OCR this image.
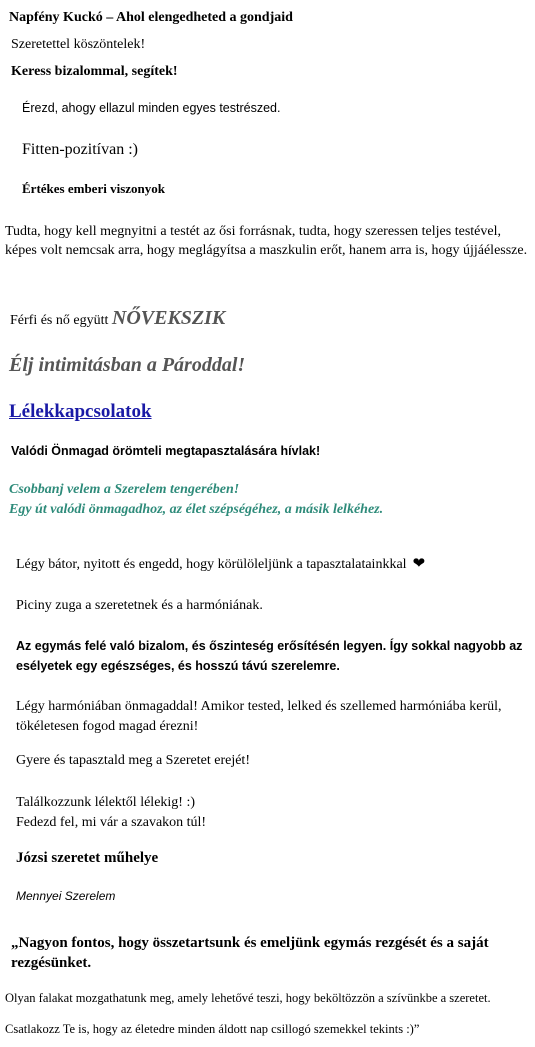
Napfény Kuckó – Ahol elengedheted a gondjaid
Szeretettel köszöntelek!
Keress bizalommal, segítek!
Érezd, ahogy ellazul minden egyes testrészed.
Fitten-pozitívan :)
Értékes emberi viszonyok
Tudta, hogy kell megnyitni a testét az ősi forrásnak, tudta, hogy szeressen teljes testével, képes volt nemcsak arra, hogy meglágyítsa a maszkulin erőt, hanem arra is, hogy újjáélessze.
Férfi és nő együtt NŐVEKSZIK
Élj intimitásban a Pároddal!
Lélekkapcsolatok
Valódi Önmagad örömteli megtapasztalására hívlak!
Csobbanj velem a Szerelem tengerében!
Egy út valódi önmagadhoz, az élet szépségéhez, a másik lelkéhez.
Légy bátor, nyitott és engedd, hogy körülöleljünk a tapasztalatainkkal ❤
Piciny zuga a szeretetnek és a harmóniának.
Az egymás felé való bizalom, és őszinteség erősítésén legyen. Így sokkal nagyobb az esélyetek egy egészséges, és hosszú távú szerelemre.
Légy harmóniában önmagaddal! Amikor tested, lelked és szellemed harmóniába kerül, tökéletesen fogod magad érezni!
Gyere és tapasztald meg a Szeretet erejét!
Találkozzunk lélektől lélekig! :)
Fedezd fel, mi vár a szavakon túl!
Józsi szeretet műhelye
Mennyei Szerelem
„Nagyon fontos, hogy összetartsunk és emeljünk egymás rezgését és a saját rezgésünket.
Olyan falakat mozgathatunk meg, amely lehetővé teszi, hogy beköltözzön a szívünkbe a szeretet.
Csatlakozz Te is, hogy az életedre minden áldott nap csillogó szemekkel tekints :)”
